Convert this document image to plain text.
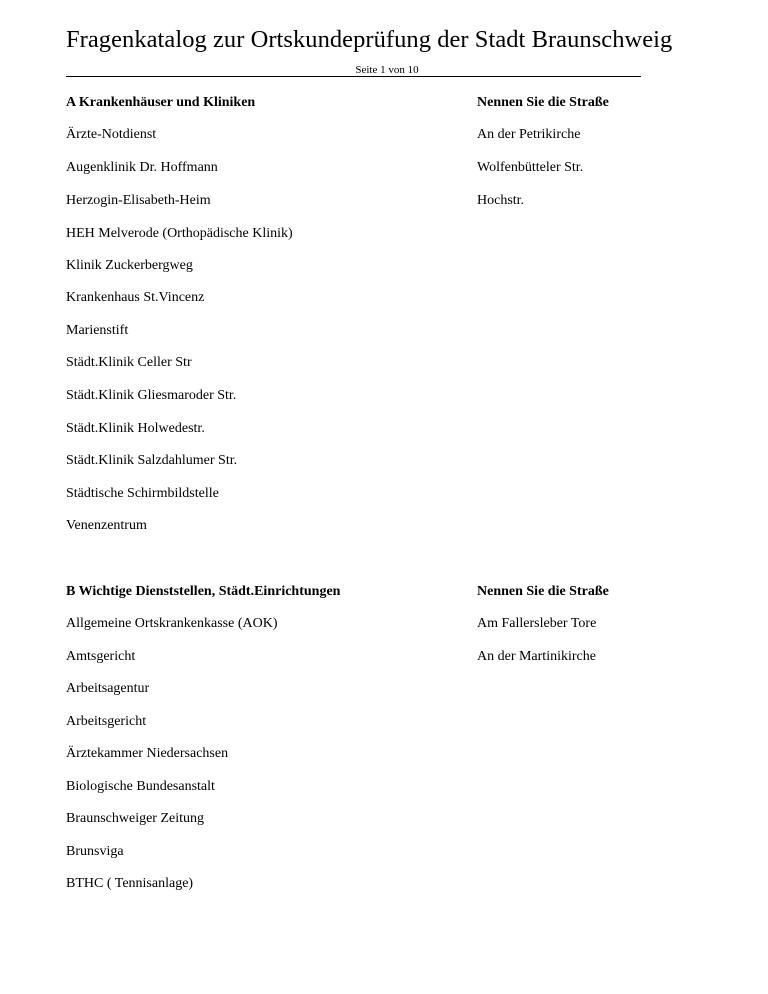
Fragenkatalog zur Ortskundeprüfung der Stadt Braunschweig
Seite 1 von 10
A Krankenhäuser und Kliniken	Nennen Sie die Straße
Ärzte-Notdienst
Augenklinik Dr. Hoffmann
Herzogin-Elisabeth-Heim
HEH Melverode (Orthopädische Klinik)
Klinik Zuckerbergweg
Krankenhaus St.Vincenz
Marienstift
Städt.Klinik Celler Str
Städt.Klinik Gliesmaroder Str.
Städt.Klinik Holwedestr.
Städt.Klinik Salzdahlumer Str.
Städtische Schirmbildstelle
Venenzentrum
An der Petrikirche
Wolfenbütteler Str.
Hochstr.
B Wichtige Dienststellen, Städt.Einrichtungen	Nennen Sie die Straße
Allgemeine Ortskrankenkasse (AOK)
Amtsgericht
Arbeitsagentur
Arbeitsgericht
Ärztekammer Niedersachsen
Biologische Bundesanstalt
Braunschweiger Zeitung
Brunsviga
BTHC ( Tennisanlage)
Am Fallersleber Tore
An der Martinikirche
